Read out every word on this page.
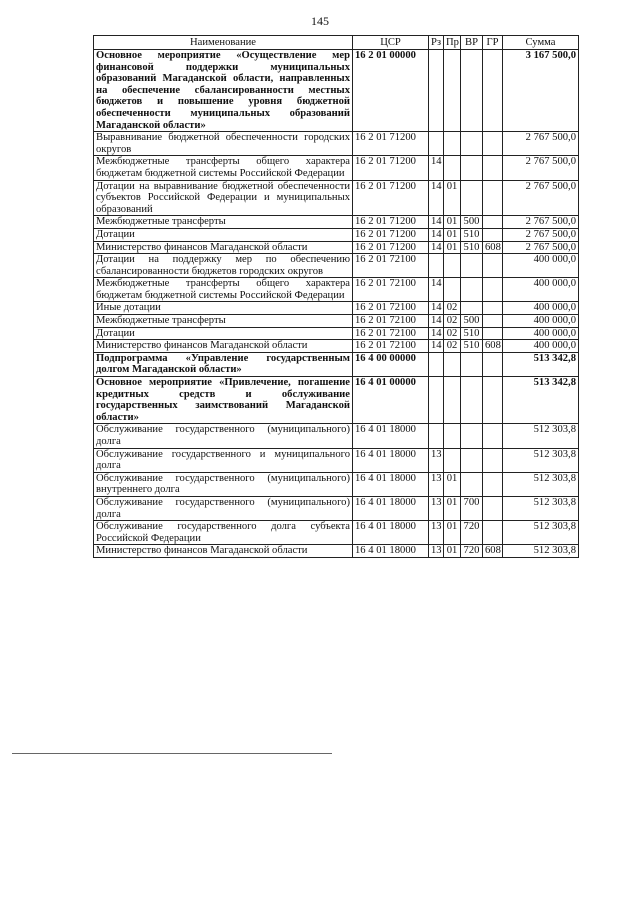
145
Наименование	ЦСР	Рз	Пр	ВР	ГР	Сумма
Основное мероприятие «Осуществление мер финансовой поддержки муниципальных образований Магаданской области, направленных на обеспечение сбалансированности местных бюджетов и повышение уровня бюджетной обеспеченности муниципальных образований Магаданской области»	16 2 01 00000					3 167 500,0
Выравнивание бюджетной обеспеченности городских округов	16 2 01 71200					2 767 500,0
Межбюджетные трансферты общего характера бюджетам бюджетной системы Российской Федерации	16 2 01 71200	14				2 767 500,0
Дотации на выравнивание бюджетной обеспеченности субъектов Российской Федерации и муниципальных образований	16 2 01 71200	14	01			2 767 500,0
Межбюджетные трансферты	16 2 01 71200	14	01	500		2 767 500,0
Дотации	16 2 01 71200	14	01	510		2 767 500,0
Министерство финансов Магаданской области	16 2 01 71200	14	01	510	608	2 767 500,0
Дотации на поддержку мер по обеспечению сбалансированности бюджетов городских округов	16 2 01 72100					400 000,0
Межбюджетные трансферты общего характера бюджетам бюджетной системы Российской Федерации	16 2 01 72100	14				400 000,0
Иные дотации	16 2 01 72100	14	02			400 000,0
Межбюджетные трансферты	16 2 01 72100	14	02	500		400 000,0
Дотации	16 2 01 72100	14	02	510		400 000,0
Министерство финансов Магаданской области	16 2 01 72100	14	02	510	608	400 000,0
Подпрограмма «Управление государственным долгом Магаданской области»	16 4 00 00000					513 342,8
Основное мероприятие «Привлечение, погашение кредитных средств и обслуживание государственных заимствований Магаданской области»	16 4 01 00000					513 342,8
Обслуживание государственного (муниципального) долга	16 4 01 18000					512 303,8
Обслуживание государственного и муниципального долга	16 4 01 18000	13				512 303,8
Обслуживание государственного (муниципального) внутреннего долга	16 4 01 18000	13	01			512 303,8
Обслуживание государственного (муниципального) долга	16 4 01 18000	13	01	700		512 303,8
Обслуживание государственного долга субъекта Российской Федерации	16 4 01 18000	13	01	720		512 303,8
Министерство финансов Магаданской области	16 4 01 18000	13	01	720	608	512 303,8
